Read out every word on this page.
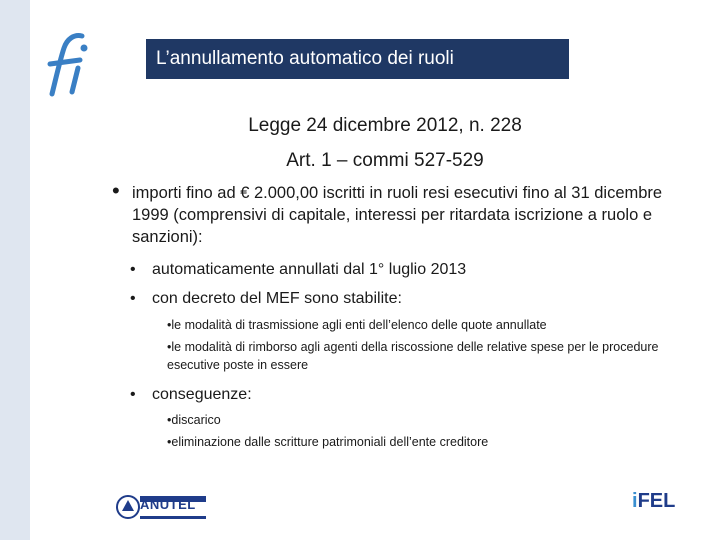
L’annullamento automatico dei ruoli
Legge 24 dicembre 2012, n. 228
Art. 1 – commi 527-529
• importi fino ad € 2.000,00 iscritti in ruoli resi esecutivi fino al 31 dicembre 1999 (comprensivi di capitale, interessi per ritardata iscrizione a ruolo e sanzioni):
•	automaticamente annullati dal 1° luglio 2013
•	con decreto del MEF sono stabilite:
•le modalità di trasmissione agli enti dell’elenco delle quote annullate
•le modalità di rimborso agli agenti della riscossione delle relative spese per le procedure esecutive poste in essere
•	conseguenze:
•discarico
•eliminazione dalle scritture patrimoniali dell’ente creditore
ANUTEL	iFEL
